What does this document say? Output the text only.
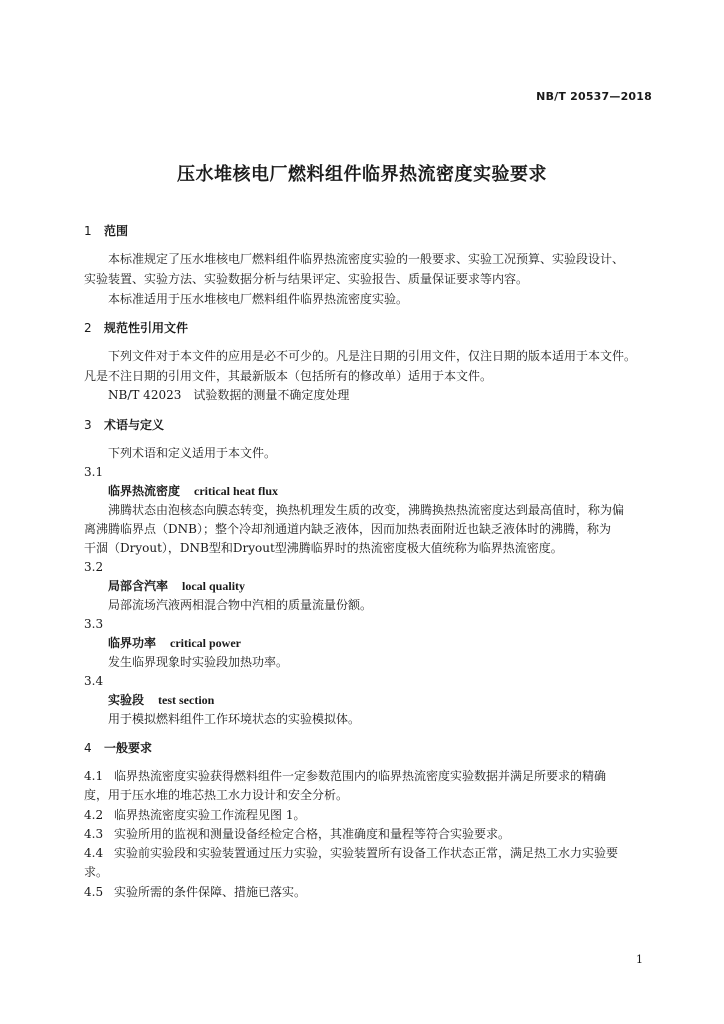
NB/T 20537—2018
压水堆核电厂燃料组件临界热流密度实验要求
1 范围
本标准规定了压水堆核电厂燃料组件临界热流密度实验的一般要求、实验工况预算、实验段设计、
实验装置、实验方法、实验数据分析与结果评定、实验报告、质量保证要求等内容。
本标准适用于压水堆核电厂燃料组件临界热流密度实验。
2 规范性引用文件
下列文件对于本文件的应用是必不可少的。凡是注日期的引用文件，仅注日期的版本适用于本文件。
凡是不注日期的引用文件，其最新版本（包括所有的修改单）适用于本文件。
NB/T 42023　试验数据的测量不确定度处理
3 术语与定义
下列术语和定义适用于本文件。
3.1
临界热流密度 critical heat flux
沸腾状态由泡核态向膜态转变，换热机理发生质的改变，沸腾换热热流密度达到最高值时，称为偏
离沸腾临界点（DNB）；整个冷却剂通道内缺乏液体，因而加热表面附近也缺乏液体时的沸腾，称为
干涸（Dryout），DNB型和Dryout型沸腾临界时的热流密度极大值统称为临界热流密度。
3.2
局部含汽率 local quality
局部流场汽液两相混合物中汽相的质量流量份额。
3.3
临界功率 critical power
发生临界现象时实验段加热功率。
3.4
实验段 test section
用于模拟燃料组件工作环境状态的实验模拟体。
4 一般要求
4.1 临界热流密度实验获得燃料组件一定参数范围内的临界热流密度实验数据并满足所要求的精确
度，用于压水堆的堆芯热工水力设计和安全分析。
4.2 临界热流密度实验工作流程见图 1。
4.3 实验所用的监视和测量设备经检定合格，其准确度和量程等符合实验要求。
4.4 实验前实验段和实验装置通过压力实验，实验装置所有设备工作状态正常，满足热工水力实验要
求。
4.5 实验所需的条件保障、措施已落实。
1
